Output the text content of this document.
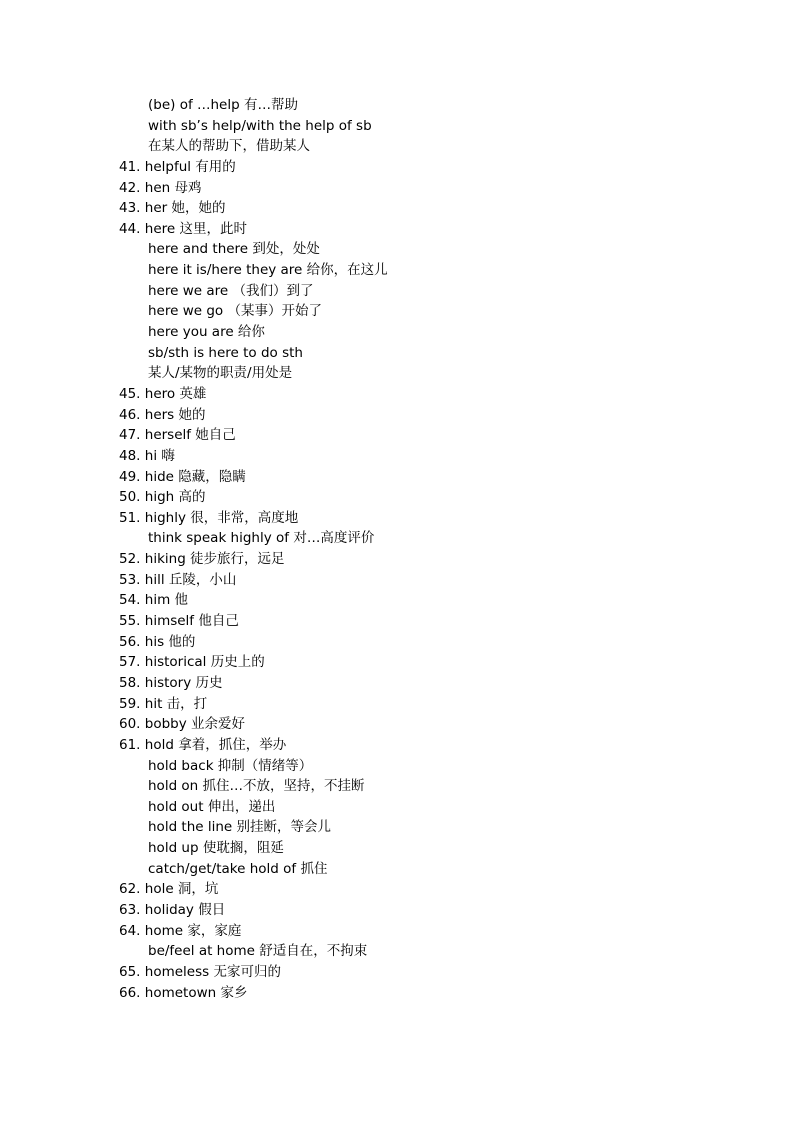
(be) of …help 有…帮助
with sb’s help/with the help of sb
在某人的帮助下，借助某人
41. helpful 有用的
42. hen 母鸡
43. her 她，她的
44. here 这里，此时
here and there 到处，处处
here it is/here they are 给你，在这儿
here we are （我们）到了
here we go （某事）开始了
here you are 给你
sb/sth is here to do sth
某人/某物的职责/用处是
45. hero 英雄
46. hers 她的
47. herself 她自己
48. hi 嗨
49. hide 隐藏，隐瞒
50. high 高的
51. highly 很，非常，高度地
think speak highly of 对…高度评价
52. hiking 徒步旅行，远足
53. hill 丘陵，小山
54. him 他
55. himself 他自己
56. his 他的
57. historical 历史上的
58. history 历史
59. hit 击，打
60. bobby 业余爱好
61. hold 拿着，抓住，举办
hold back 抑制（情绪等）
hold on 抓住…不放，坚持，不挂断
hold out 伸出，递出
hold the line 别挂断，等会儿
hold up 使耽搁，阻延
catch/get/take hold of 抓住
62. hole 洞，坑
63. holiday 假日
64. home 家，家庭
be/feel at home 舒适自在，不拘束
65. homeless 无家可归的
66. hometown 家乡
